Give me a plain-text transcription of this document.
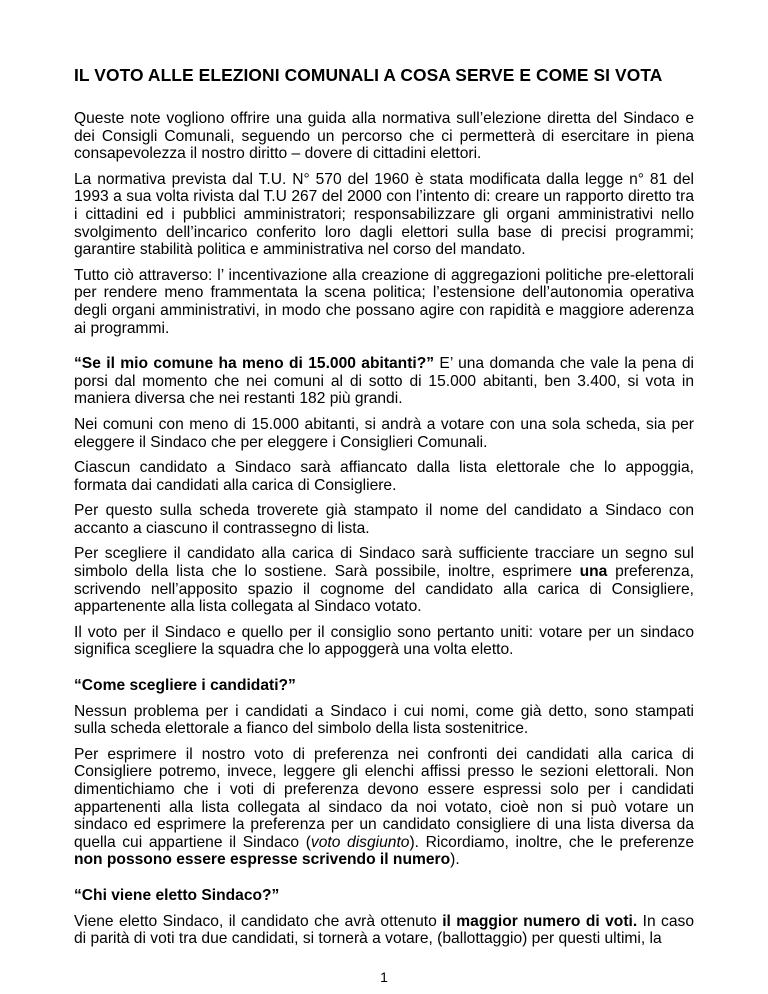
IL VOTO ALLE ELEZIONI COMUNALI A COSA SERVE E COME SI VOTA

Queste note vogliono offrire una guida alla normativa sull’elezione diretta del Sindaco e dei Consigli Comunali, seguendo un percorso che ci permetterà di esercitare in piena consapevolezza il nostro diritto – dovere di cittadini elettori.

La normativa prevista dal T.U. N° 570 del 1960 è stata modificata dalla legge n° 81 del 1993 a sua volta rivista dal T.U 267 del 2000 con l’intento di: creare un rapporto diretto tra i cittadini ed i pubblici amministratori; responsabilizzare gli organi amministrativi nello svolgimento dell’incarico conferito loro dagli elettori sulla base di precisi programmi; garantire stabilità politica e amministrativa nel corso del mandato.

Tutto ciò attraverso: l’ incentivazione alla creazione di aggregazioni politiche pre-elettorali per rendere meno frammentata la scena politica; l’estensione dell’autonomia operativa degli organi amministrativi, in modo che possano agire con rapidità e maggiore aderenza ai programmi.

“Se il mio comune ha meno di 15.000 abitanti?” E’ una domanda che vale la pena di porsi dal momento che nei comuni al di sotto di 15.000 abitanti, ben 3.400, si vota in maniera diversa che nei restanti 182 più grandi.

Nei comuni con meno di 15.000 abitanti, si andrà a votare con una sola scheda, sia per eleggere il Sindaco che per eleggere i Consiglieri Comunali.

Ciascun candidato a Sindaco sarà affiancato dalla lista elettorale che lo appoggia, formata dai candidati alla carica di Consigliere.

Per questo sulla scheda troverete già stampato il nome del candidato a Sindaco con accanto a ciascuno il contrassegno di lista.

Per scegliere il candidato alla carica di Sindaco sarà sufficiente tracciare un segno sul simbolo della lista che lo sostiene. Sarà possibile, inoltre, esprimere una preferenza, scrivendo nell’apposito spazio il cognome del candidato alla carica di Consigliere, appartenente alla lista collegata al Sindaco votato.

Il voto per il Sindaco e quello per il consiglio sono pertanto uniti: votare per un sindaco significa scegliere la squadra che lo appoggerà una volta eletto.

“Come scegliere i candidati?”

Nessun problema per i candidati a Sindaco i cui nomi, come già detto, sono stampati sulla scheda elettorale a fianco del simbolo della lista sostenitrice.

Per esprimere il nostro voto di preferenza nei confronti dei candidati alla carica di Consigliere potremo, invece, leggere gli elenchi affissi presso le sezioni elettorali. Non dimentichiamo che i voti di preferenza devono essere espressi solo per i candidati appartenenti alla lista collegata al sindaco da noi votato, cioè non si può votare un sindaco ed esprimere la preferenza per un candidato consigliere di una lista diversa da quella cui appartiene il Sindaco (voto disgiunto). Ricordiamo, inoltre, che le preferenze non possono essere espresse scrivendo il numero).

“Chi viene eletto Sindaco?”

Viene eletto Sindaco, il candidato che avrà ottenuto il maggior numero di voti. In caso di parità di voti tra due candidati, si tornerà a votare, (ballottaggio) per questi ultimi, la

1
